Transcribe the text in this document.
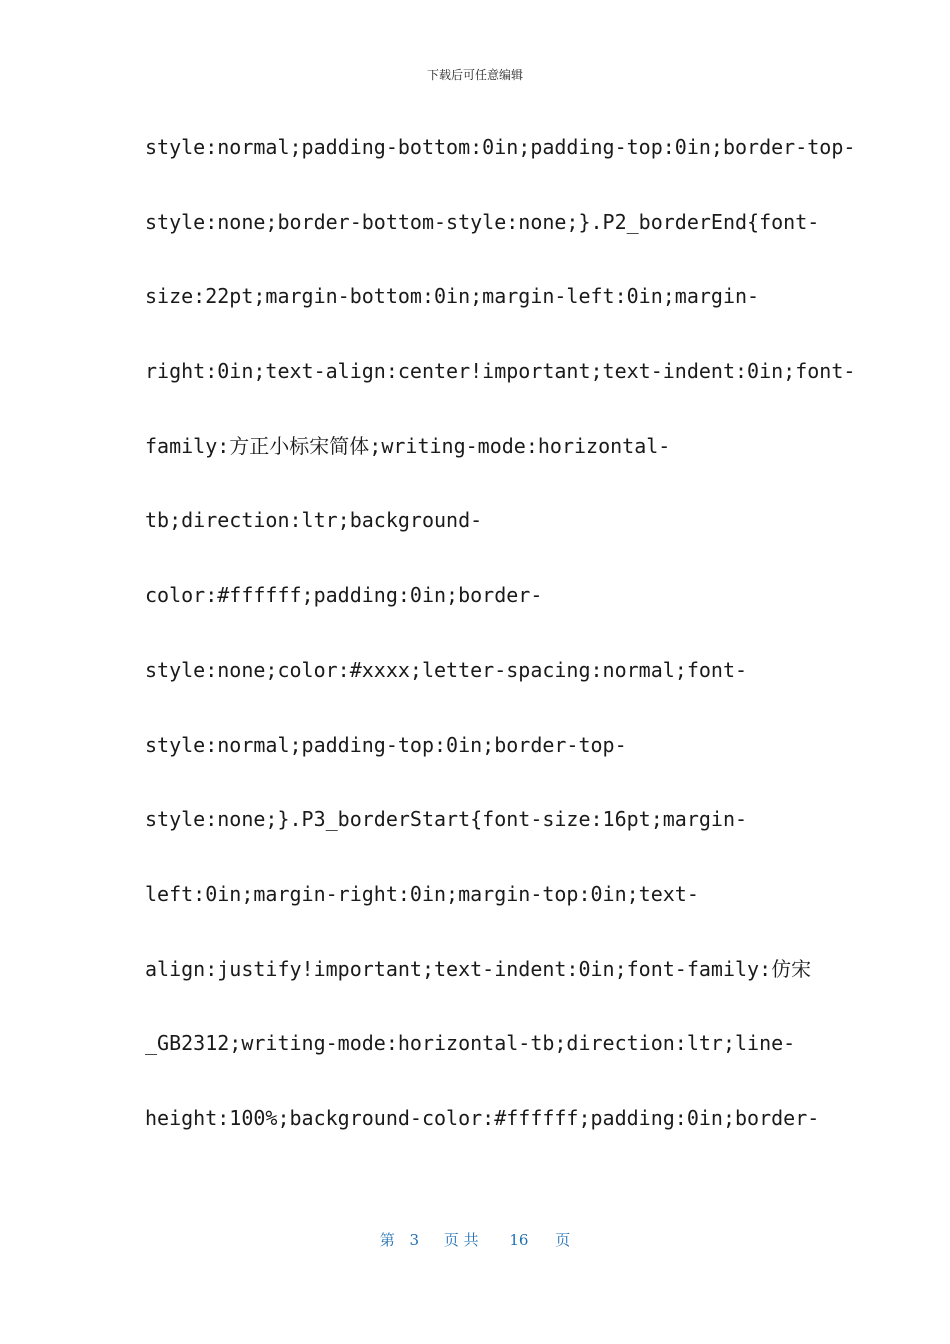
下载后可任意编辑
style:normal;padding-bottom:0in;padding-top:0in;border-top-
style:none;border-bottom-style:none;}.P2_borderEnd{font-
size:22pt;margin-bottom:0in;margin-left:0in;margin-
right:0in;text-align:center!important;text-indent:0in;font-
family:方正小标宋简体;writing-mode:horizontal-
tb;direction:ltr;background-
color:#ffffff;padding:0in;border-
style:none;color:#xxxx;letter-spacing:normal;font-
style:normal;padding-top:0in;border-top-
style:none;}.P3_borderStart{font-size:16pt;margin-
left:0in;margin-right:0in;margin-top:0in;text-
align:justify!important;text-indent:0in;font-family:仿宋
_GB2312;writing-mode:horizontal-tb;direction:ltr;line-
height:100%;background-color:#ffffff;padding:0in;border-
第 3 页 共 16 页
